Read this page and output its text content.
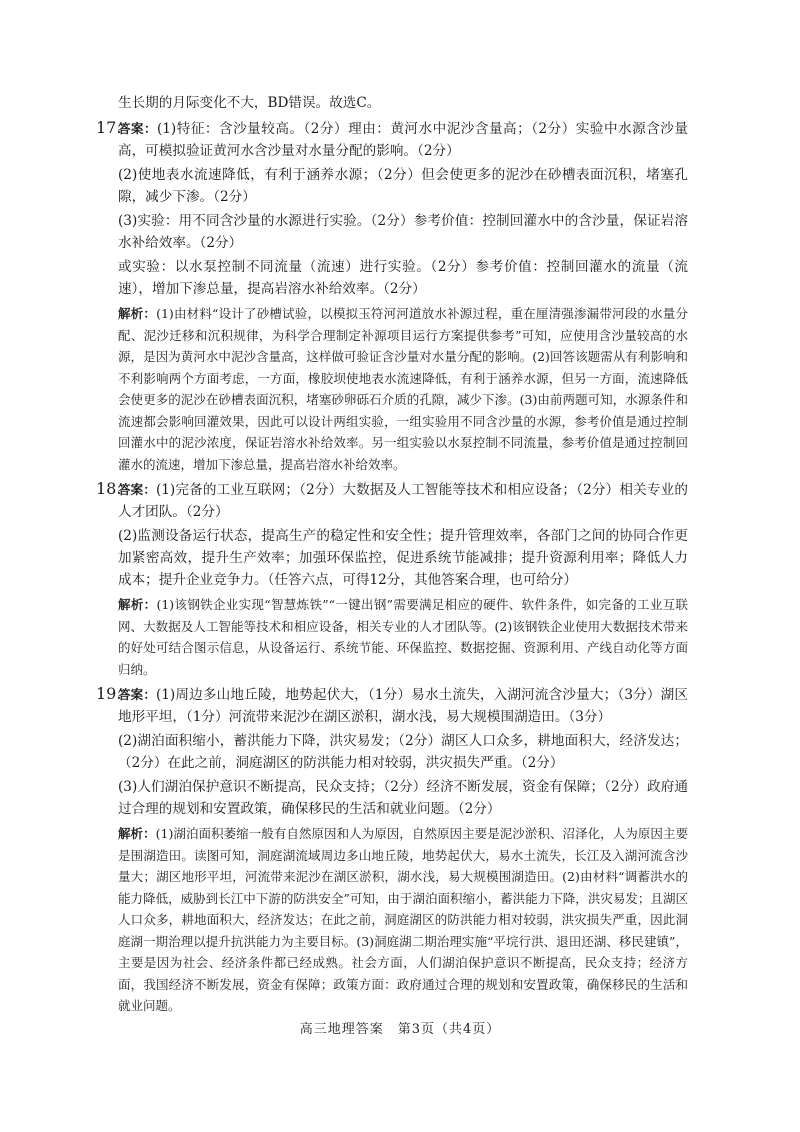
生长期的月际变化不大，BD错误。故选C。

17.

答案：(1)特征：含沙量较高。（2分）理由：黄河水中泥沙含量高；（2分）实验中水源含沙量高，可模拟验证黄河水含沙量对水量分配的影响。（2分）

(2)使地表水流速降低，有利于涵养水源；（2分）但会使更多的泥沙在砂槽表面沉积，堵塞孔隙，减少下渗。（2分）

(3)实验：用不同含沙量的水源进行实验。（2分）参考价值：控制回灌水中的含沙量，保证岩溶水补给效率。（2分）

或实验：以水泵控制不同流量（流速）进行实验。（2分）参考价值：控制回灌水的流量（流速），增加下渗总量，提高岩溶水补给效率。（2分）

解析：(1)由材料“设计了砂槽试验，以模拟玉符河河道放水补源过程，重在厘清强渗漏带河段的水量分配、泥沙迁移和沉积规律，为科学合理制定补源项目运行方案提供参考”可知，应使用含沙量较高的水源，是因为黄河水中泥沙含量高，这样做可验证含沙量对水量分配的影响。(2)回答该题需从有利影响和不利影响两个方面考虑，一方面，橡胶坝使地表水流速降低，有利于涵养水源，但另一方面，流速降低会使更多的泥沙在砂槽表面沉积，堵塞砂卵砾石介质的孔隙，减少下渗。(3)由前两题可知，水源条件和流速都会影响回灌效果，因此可以设计两组实验，一组实验用不同含沙量的水源，参考价值是通过控制回灌水中的泥沙浓度，保证岩溶水补给效率。另一组实验以水泵控制不同流量，参考价值是通过控制回灌水的流速，增加下渗总量，提高岩溶水补给效率。

18.

答案：(1)完备的工业互联网；（2分）大数据及人工智能等技术和相应设备；（2分）相关专业的人才团队。（2分）

(2)监测设备运行状态，提高生产的稳定性和安全性；提升管理效率，各部门之间的协同合作更加紧密高效，提升生产效率；加强环保监控，促进系统节能减排；提升资源利用率；降低人力成本；提升企业竞争力。（任答六点，可得12分，其他答案合理，也可给分）

解析：(1)该钢铁企业实现“智慧炼铁”“一键出钢”需要满足相应的硬件、软件条件，如完备的工业互联网、大数据及人工智能等技术和相应设备，相关专业的人才团队等。(2)该钢铁企业使用大数据技术带来的好处可结合图示信息，从设备运行、系统节能、环保监控、数据挖掘、资源利用、产线自动化等方面归纳。

19.

答案：(1)周边多山地丘陵，地势起伏大，（1分）易水土流失，入湖河流含沙量大；（3分）湖区地形平坦，（1分）河流带来泥沙在湖区淤积，湖水浅，易大规模围湖造田。（3分）

(2)湖泊面积缩小，蓄洪能力下降，洪灾易发；（2分）湖区人口众多，耕地面积大，经济发达；（2分）在此之前，洞庭湖区的防洪能力相对较弱，洪灾损失严重。（2分）

(3)人们湖泊保护意识不断提高，民众支持；（2分）经济不断发展，资金有保障；（2分）政府通过合理的规划和安置政策，确保移民的生活和就业问题。（2分）

解析：(1)湖泊面积萎缩一般有自然原因和人为原因，自然原因主要是泥沙淤积、沼泽化，人为原因主要是围湖造田。读图可知，洞庭湖流域周边多山地丘陵，地势起伏大，易水土流失，长江及入湖河流含沙量大；湖区地形平坦，河流带来泥沙在湖区淤积，湖水浅，易大规模围湖造田。(2)由材料“调蓄洪水的能力降低，威胁到长江中下游的防洪安全”可知，由于湖泊面积缩小，蓄洪能力下降，洪灾易发；且湖区人口众多，耕地面积大，经济发达；在此之前，洞庭湖区的防洪能力相对较弱，洪灾损失严重，因此洞庭湖一期治理以提升抗洪能力为主要目标。(3)洞庭湖二期治理实施“平垸行洪、退田还湖、移民建镇”，主要是因为社会、经济条件都已经成熟。社会方面，人们湖泊保护意识不断提高，民众支持；经济方面，我国经济不断发展，资金有保障；政策方面：政府通过合理的规划和安置政策，确保移民的生活和就业问题。

高三地理答案　第3页（共4页）
